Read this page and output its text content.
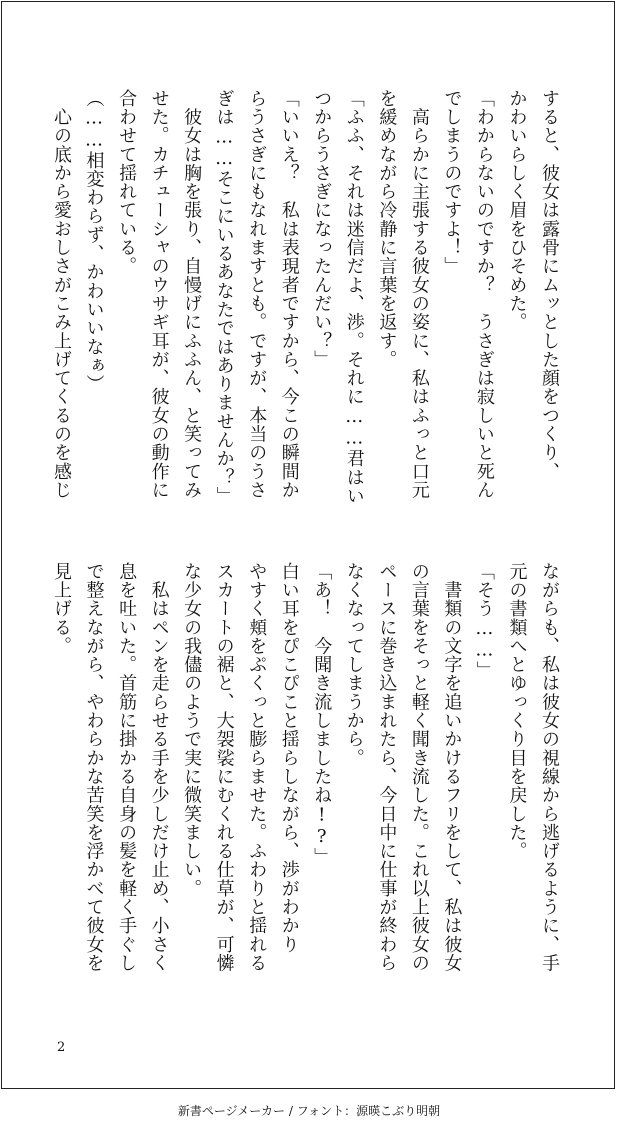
すると、彼女は露骨にムッとした顔をつくり、
かわいらしく眉をひそめた。
「わからないのですか？　うさぎは寂しいと死ん
でしまうのですよ！」
　高らかに主張する彼女の姿に、私はふっと口元
を緩めながら冷静に言葉を返す。
「ふふ、それは迷信だよ、渉。それに……君はい
つからうさぎになったんだい？」
「いいえ？　私は表現者ですから、今この瞬間か
らうさぎにもなれますとも。ですが、本当のうさ
ぎは……そこにいるあなたではありませんか？」
　彼女は胸を張り、自慢げにふふん、と笑ってみ
せた。カチューシャのウサギ耳が、彼女の動作に
合わせて揺れている。
（……相変わらず、かわいいなぁ）
　心の底から愛おしさがこみ上げてくるのを感じ
ながらも、私は彼女の視線から逃げるように、手
元の書類へとゆっくり目を戻した。
「そう……」
　書類の文字を追いかけるフリをして、私は彼女
の言葉をそっと軽く聞き流した。これ以上彼女の
ペースに巻き込まれたら、今日中に仕事が終わら
なくなってしまうから。
「あ！　今聞き流しましたね!?」
白い耳をぴこぴこと揺らしながら、渉がわかり
やすく頬をぷくっと膨らませた。ふわりと揺れる
スカートの裾と、大袈裟にむくれる仕草が、可憐
な少女の我儘のようで実に微笑ましい。
　私はペンを走らせる手を少しだけ止め、小さく
息を吐いた。首筋に掛かる自身の髪を軽く手ぐし
で整えながら、やわらかな苦笑を浮かべて彼女を
見上げる。
2
新書ページメーカー / フォント：源暎こぶり明朝
